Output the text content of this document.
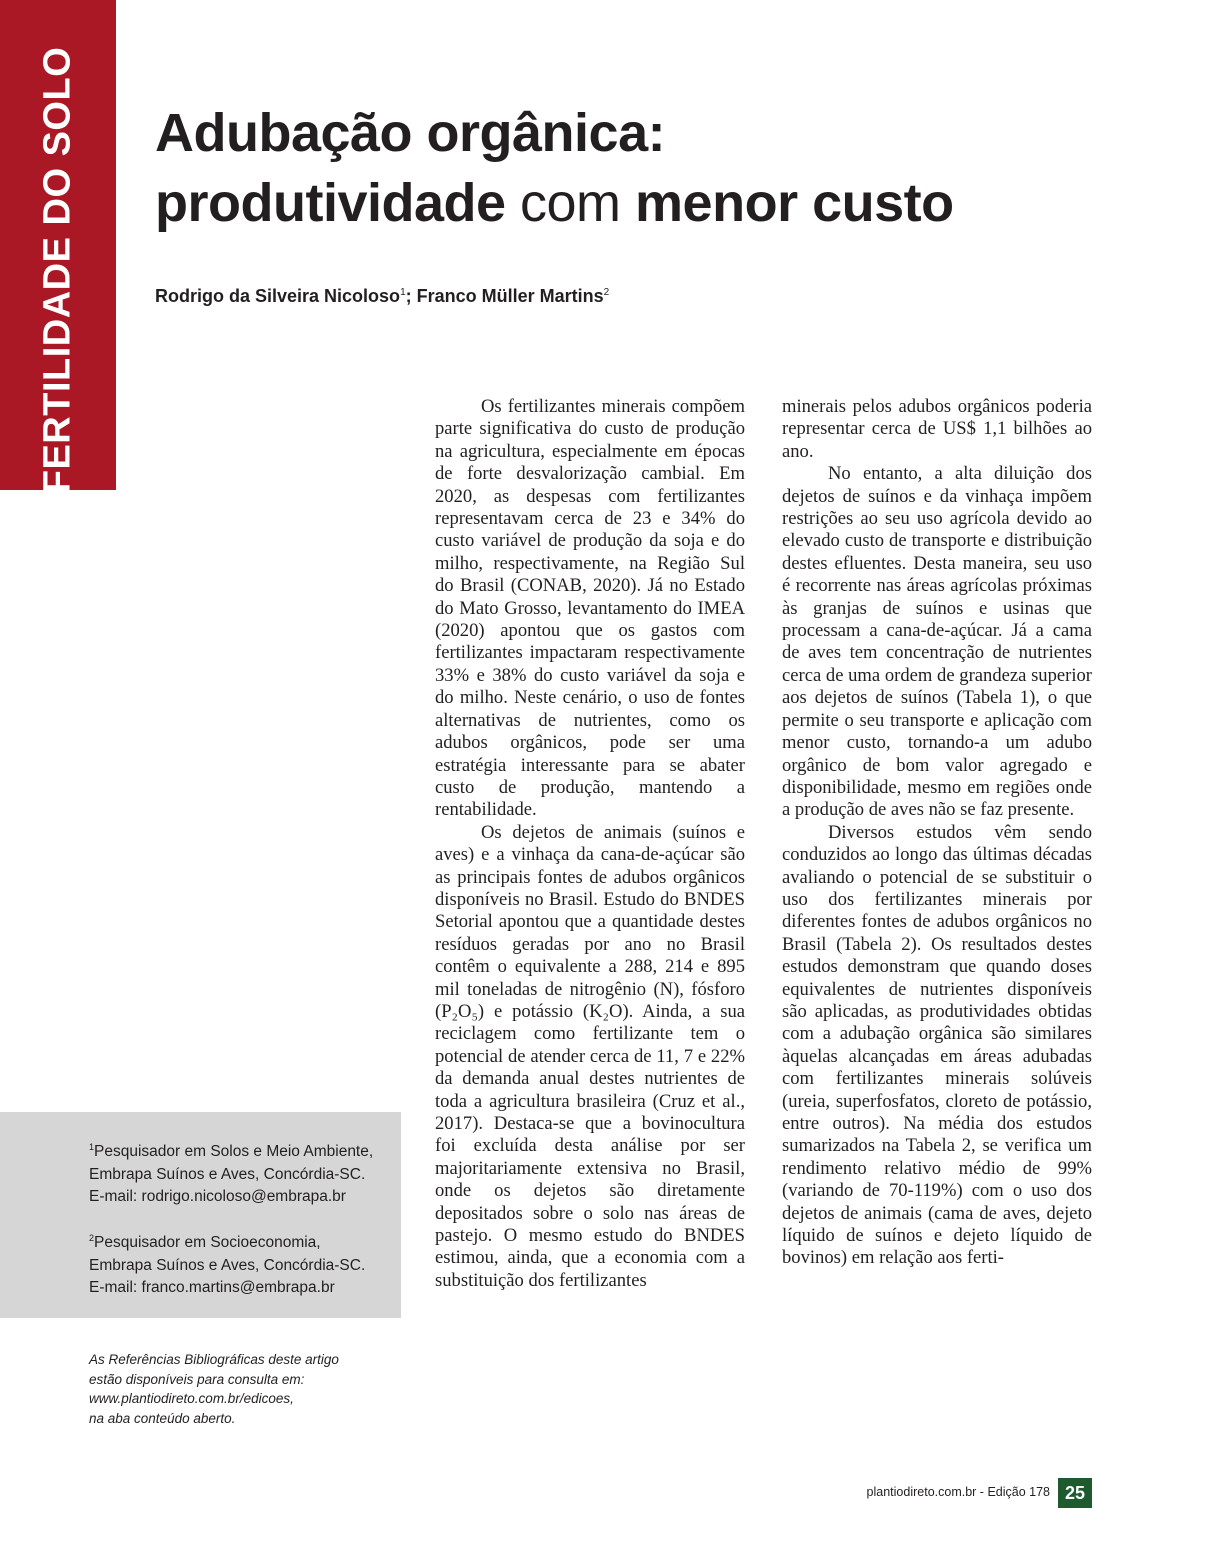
FERTILIDADE DO SOLO Adubação orgânica:
produtividade com menor custo

Rodrigo da Silveira Nicoloso$^1$; Franco Müller Martins$^2$

Os fertilizantes minerais compõem parte significativa do custo de produção na agricultura, especialmente em épocas de forte desvalorização cambial. Em 2020, as despesas com fertilizantes representavam cerca de 23 e 34% do custo variável de produção da soja e do milho, respectivamente, na Região Sul do Brasil (CONAB, 2020). Já no Estado do Mato Grosso, levantamento do IMEA (2020) apontou que os gastos com fertilizantes impactaram respectivamente 33% e 38% do custo variável da soja e do milho. Neste cenário, o uso de fontes alternativas de nutrientes, como os adubos orgânicos, pode ser uma estratégia interessante para se abater custo de produção, mantendo a rentabilidade.

Os dejetos de animais (suínos e aves) e a vinhaça da cana-de-açúcar são as principais fontes de adubos orgânicos disponíveis no Brasil. Estudo do BNDES Setorial apontou que a quantidade destes resíduos geradas por ano no Brasil contêm o equivalente a 288, 214 e 895 mil toneladas de nitrogênio (N), fósforo (P₂O₅) e potássio (K₂O). Ainda, a sua reciclagem como fertilizante tem o potencial de atender cerca de 11, 7 e 22% da demanda anual destes nutrientes de toda a agricultura brasileira (Cruz et al., 2017). Destaca-se que a bovinocultura foi excluída desta análise por ser majoritariamente extensiva no Brasil, onde os dejetos são diretamente depositados sobre o solo nas áreas de pastejo. O mesmo estudo do BNDES estimou, ainda, que a economia com a substituição dos fertilizantes

minerais pelos adubos orgânicos poderia representar cerca de US$ 1,1 bilhões ao ano.

No entanto, a alta diluição dos dejetos de suínos e da vinhaça impõem restrições ao seu uso agrícola devido ao elevado custo de transporte e distribuição destes efluentes. Desta maneira, seu uso é recorrente nas áreas agrícolas próximas às granjas de suínos e usinas que processam a cana-de-açúcar. Já a cama de aves tem concentração de nutrientes cerca de uma ordem de grandeza superior aos dejetos de suínos (Tabela 1), o que permite o seu transporte e aplicação com menor custo, tornando-a um adubo orgânico de bom valor agregado e disponibilidade, mesmo em regiões onde a produção de aves não se faz presente.

Diversos estudos vêm sendo conduzidos ao longo das últimas décadas avaliando o potencial de se substituir o uso dos fertilizantes minerais por diferentes fontes de adubos orgânicos no Brasil (Tabela 2). Os resultados destes estudos demonstram que quando doses equivalentes de nutrientes disponíveis são aplicadas, as produtividades obtidas com a adubação orgânica são similares àquelas alcançadas em áreas adubadas com fertilizantes minerais solúveis (ureia, superfosfatos, cloreto de potássio, entre outros). Na média dos estudos sumarizados na Tabela 2, se verifica um rendimento relativo médio de 99% (variando de 70-119%) com o uso dos dejetos de animais (cama de aves, dejeto líquido de suínos e dejeto líquido de bovinos) em relação aos ferti-

$^1$Pesquisador em Solos e Meio Ambiente,
Embrapa Suínos e Aves, Concórdia-SC.
E-mail: rodrigo.nicoloso@embrapa.br

$^2$Pesquisador em Socioeconomia,
Embrapa Suínos e Aves, Concórdia-SC.
E-mail: franco.martins@embrapa.br

As Referências Bibliográficas deste artigo
estão disponíveis para consulta em:
www.plantiodireto.com.br/edicoes,
na aba conteúdo aberto.

plantiodireto.com.br - Edição 178 25
